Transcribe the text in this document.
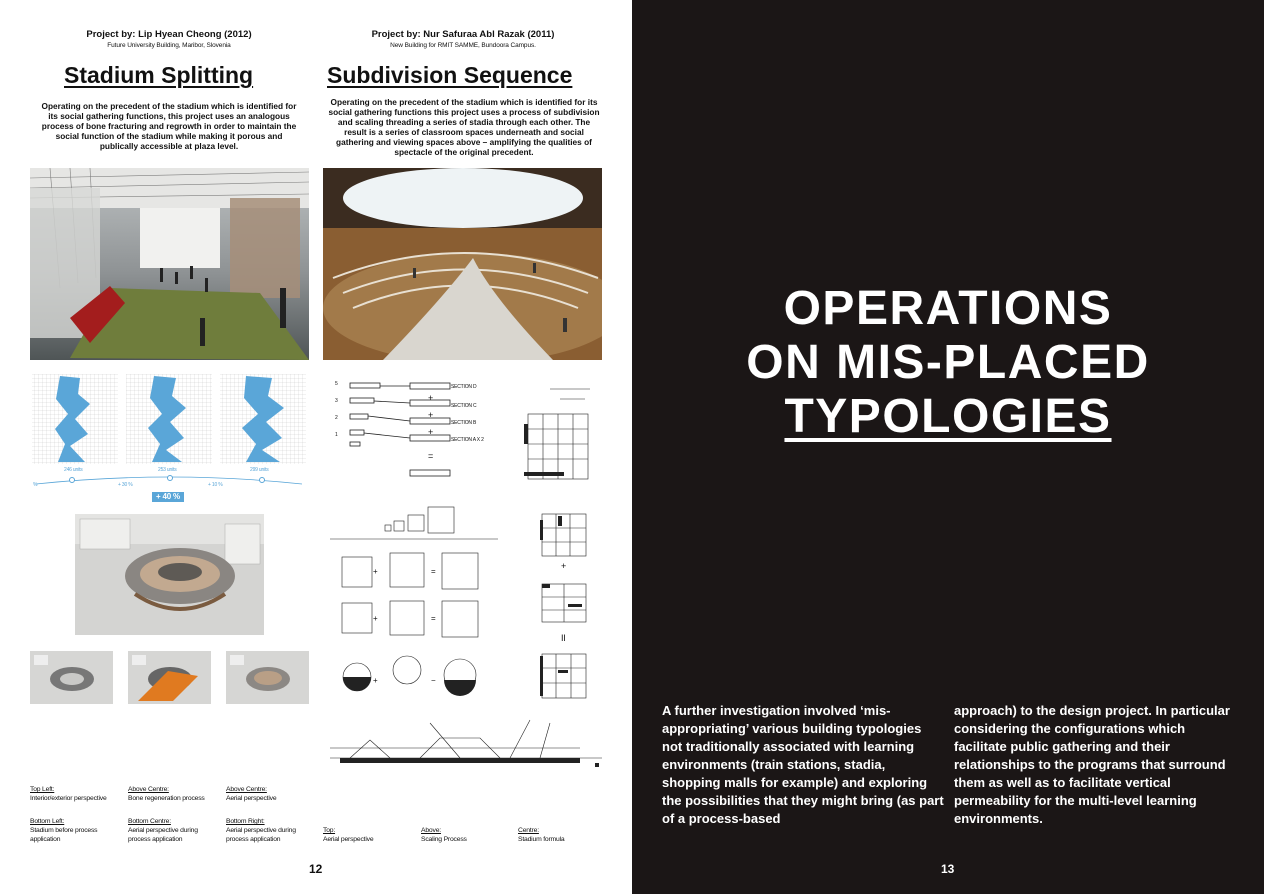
Project by: Lip Hyean Cheong (2012)
Future University Building, Maribor, Slovenia
Stadium Splitting
Operating on the precedent of the stadium which is identified for its social gathering functions, this project uses an analogous process of bone fracturing and regrowth in order to maintain the social function of the stadium while making it porous and publically accessible at plaza level.
Project by: Nur Safuraa Abl Razak (2011)
New Building for RMIT SAMME, Bundoora Campus.
Subdivision Sequence
Operating on the precedent of the stadium which is identified for its social gathering functions this project uses a process of subdivision and scaling threading a series of stadia through each other. The result is a series of classroom spaces underneath and social gathering and viewing spaces above – amplifying the qualities of spectacle of the original precedent.
246 units	253 units	299 units
%	+ 30 %	+ 10 %
+ 40 %
5
3
2
1
SECTION D
SECTION C
SECTION B
SECTION A X 2
+
+
+
=
+	=
+	=
+	−
+
II
Top Left:
Interior/exterior perspective
Above Centre:
Bone regeneration process
Above Centre:
Aerial perspective
Bottom Left:
Stadium before process
application
Bottom Centre:
Aerial perspective during
process application
Bottom Right:
Aerial perspective during
process application
Top:
Aerial perspective
Above:
Scaling Process
Centre:
Stadium formula
12
OPERATIONS
ON MIS-PLACED
TYPOLOGIES
A further investigation involved ‘mis-appropriating’ various building typologies not traditionally associated with learning environments (train stations, stadia, shopping malls for example) and exploring the possibilities that they might bring (as part of a process-based
approach) to the design project. In particular considering the configurations which facilitate public gathering and their relationships to the programs that surround them as well as to facilitate vertical permeability for the multi-level learning environments.
13
